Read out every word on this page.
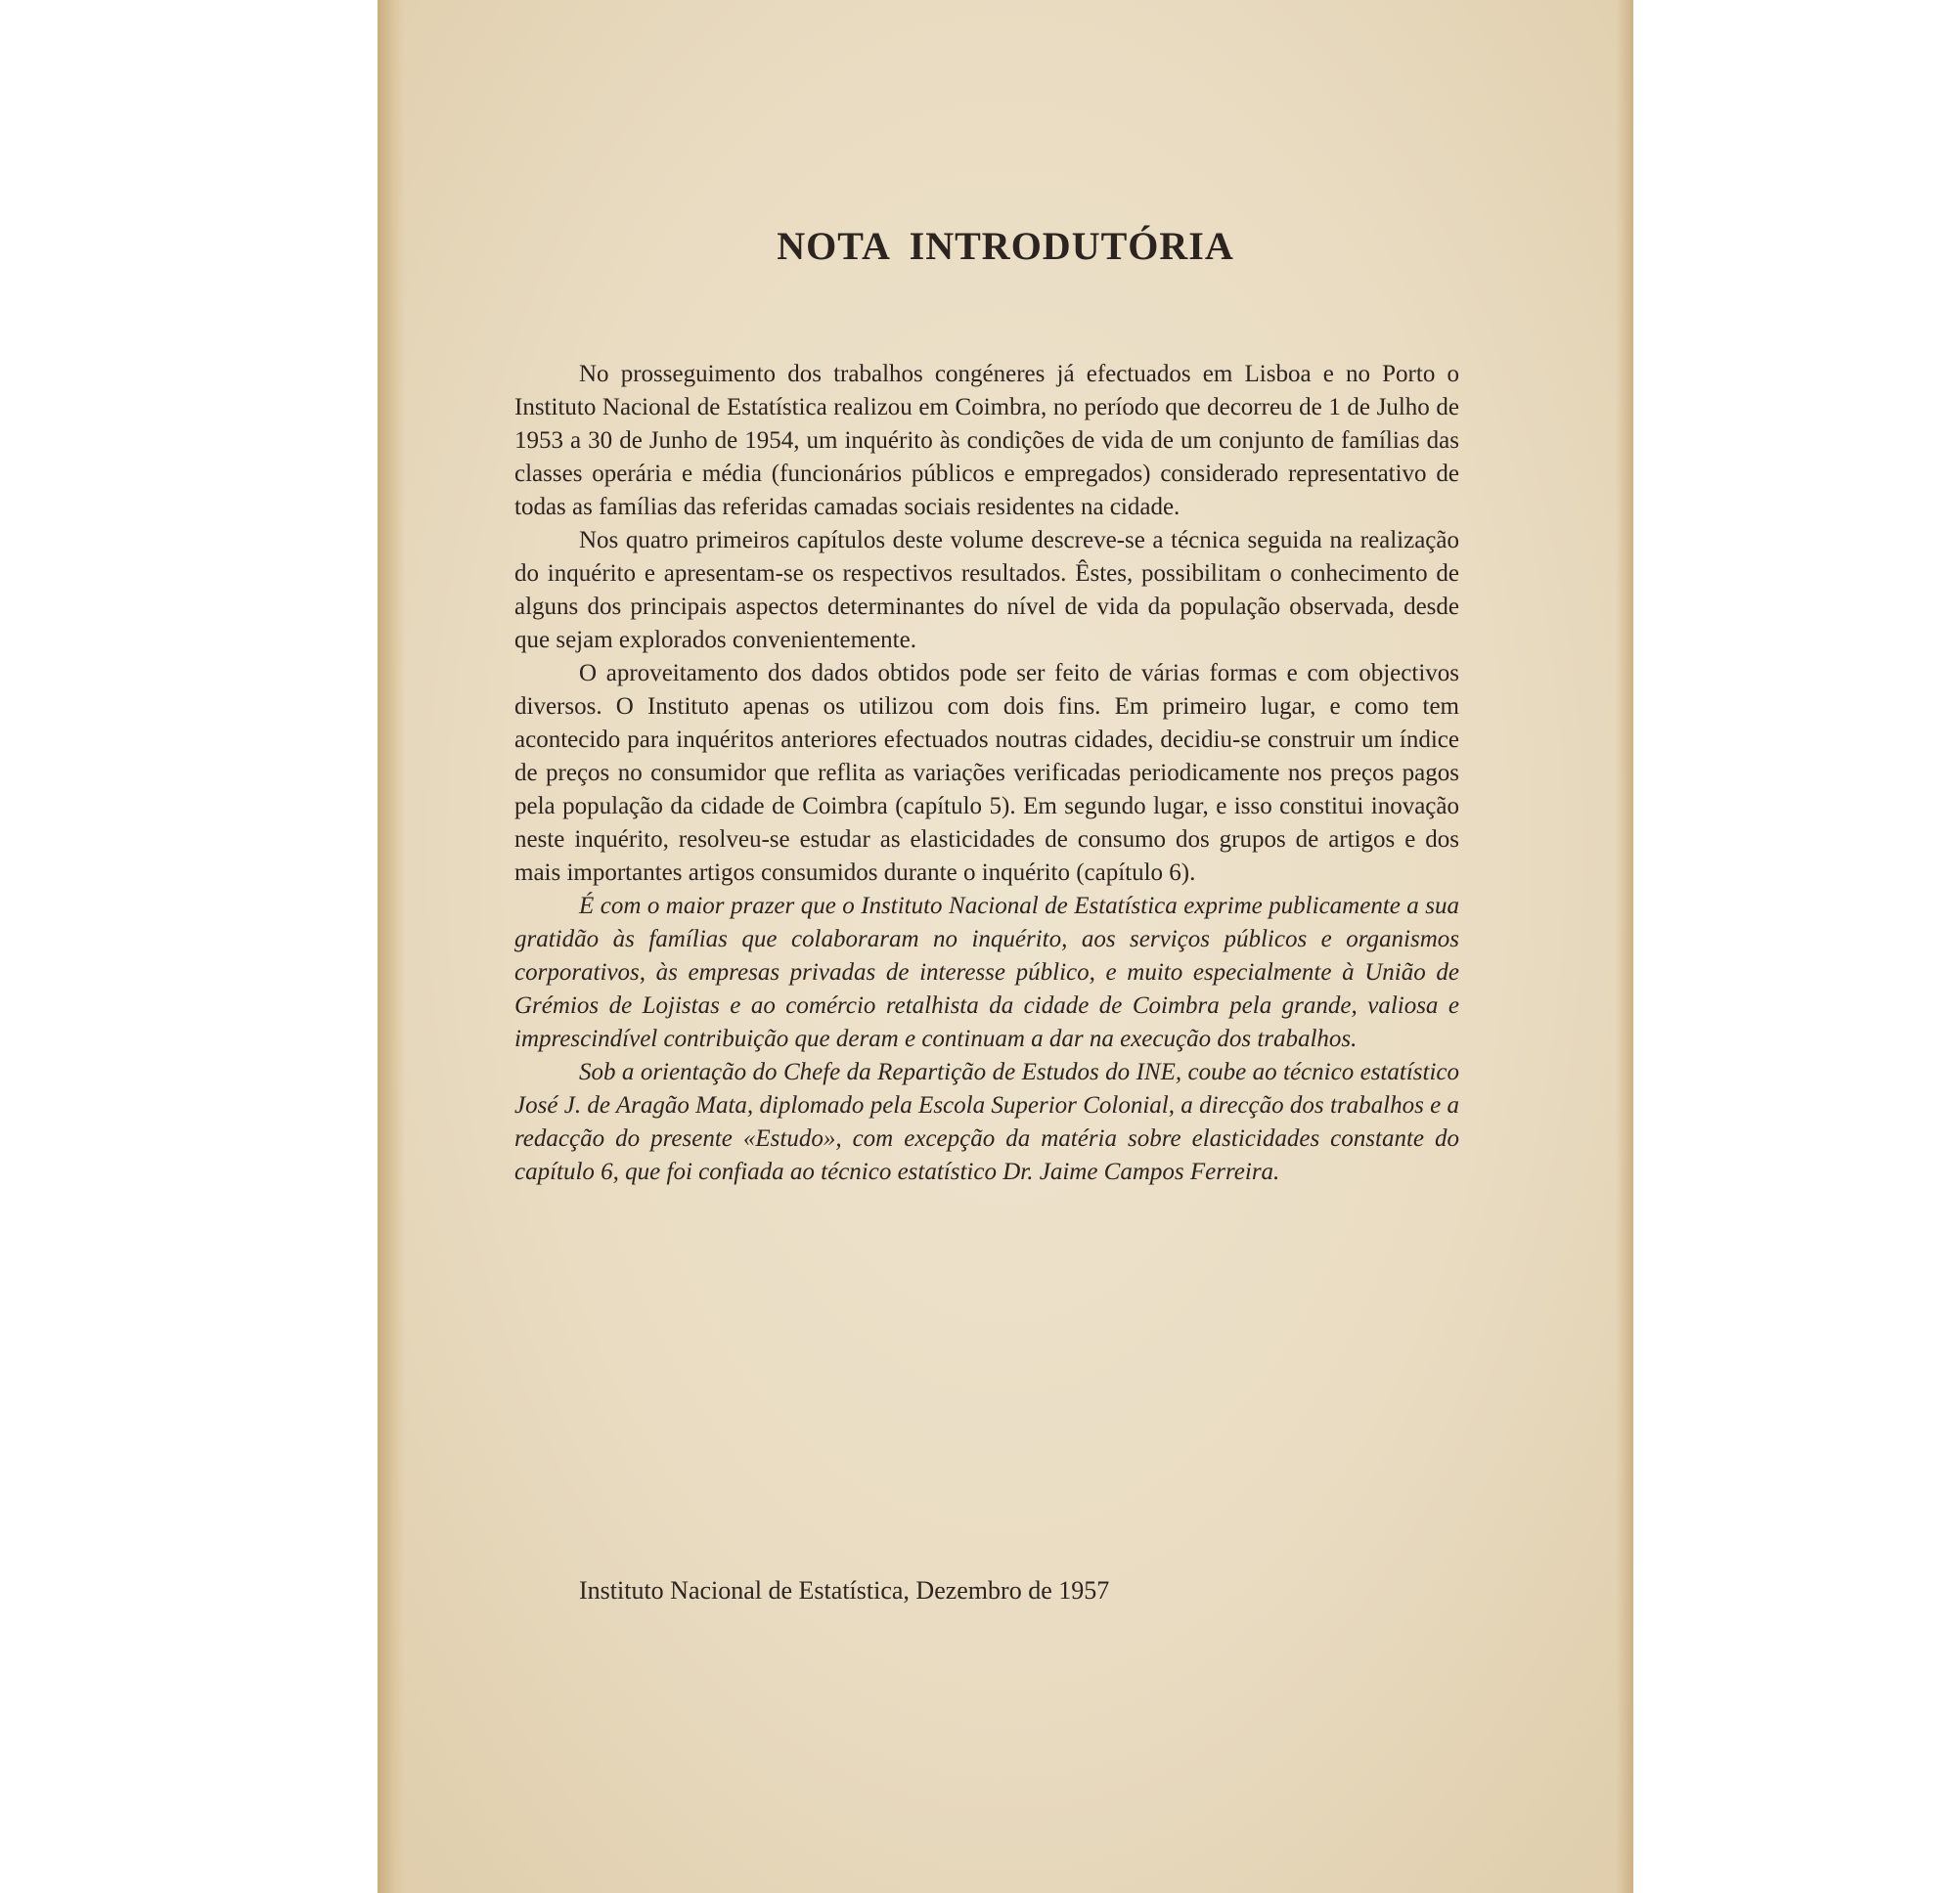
NOTA INTRODUTÓRIA

No prosseguimento dos trabalhos congéneres já efectuados em Lisboa e no Porto o Instituto Nacional de Estatística realizou em Coimbra, no período que decorreu de 1 de Julho de 1953 a 30 de Junho de 1954, um inquérito às condições de vida de um conjunto de famílias das classes operária e média (funcionários públicos e empregados) considerado representativo de todas as famílias das referidas camadas sociais residentes na cidade.

Nos quatro primeiros capítulos deste volume descreve-se a técnica seguida na realização do inquérito e apresentam-se os respectivos resultados. Êstes, possibilitam o conhecimento de alguns dos principais aspectos determinantes do nível de vida da população observada, desde que sejam explorados convenientemente.

O aproveitamento dos dados obtidos pode ser feito de várias formas e com objectivos diversos. O Instituto apenas os utilizou com dois fins. Em primeiro lugar, e como tem acontecido para inquéritos anteriores efectuados noutras cidades, decidiu-se construir um índice de preços no consumidor que reflita as variações verificadas periodicamente nos preços pagos pela população da cidade de Coimbra (capítulo 5). Em segundo lugar, e isso constitui inovação neste inquérito, resolveu-se estudar as elasticidades de consumo dos grupos de artigos e dos mais importantes artigos consumidos durante o inquérito (capítulo 6).

É com o maior prazer que o Instituto Nacional de Estatística exprime publicamente a sua gratidão às famílias que colaboraram no inquérito, aos serviços públicos e organismos corporativos, às empresas privadas de interesse público, e muito especialmente à União de Grémios de Lojistas e ao comércio retalhista da cidade de Coimbra pela grande, valiosa e imprescindível contribuição que deram e continuam a dar na execução dos trabalhos.

Sob a orientação do Chefe da Repartição de Estudos do INE, coube ao técnico estatístico José J. de Aragão Mata, diplomado pela Escola Superior Colonial, a direcção dos trabalhos e a redacção do presente «Estudo», com excepção da matéria sobre elasticidades constante do capítulo 6, que foi confiada ao técnico estatístico Dr. Jaime Campos Ferreira.

Instituto Nacional de Estatística, Dezembro de 1957
